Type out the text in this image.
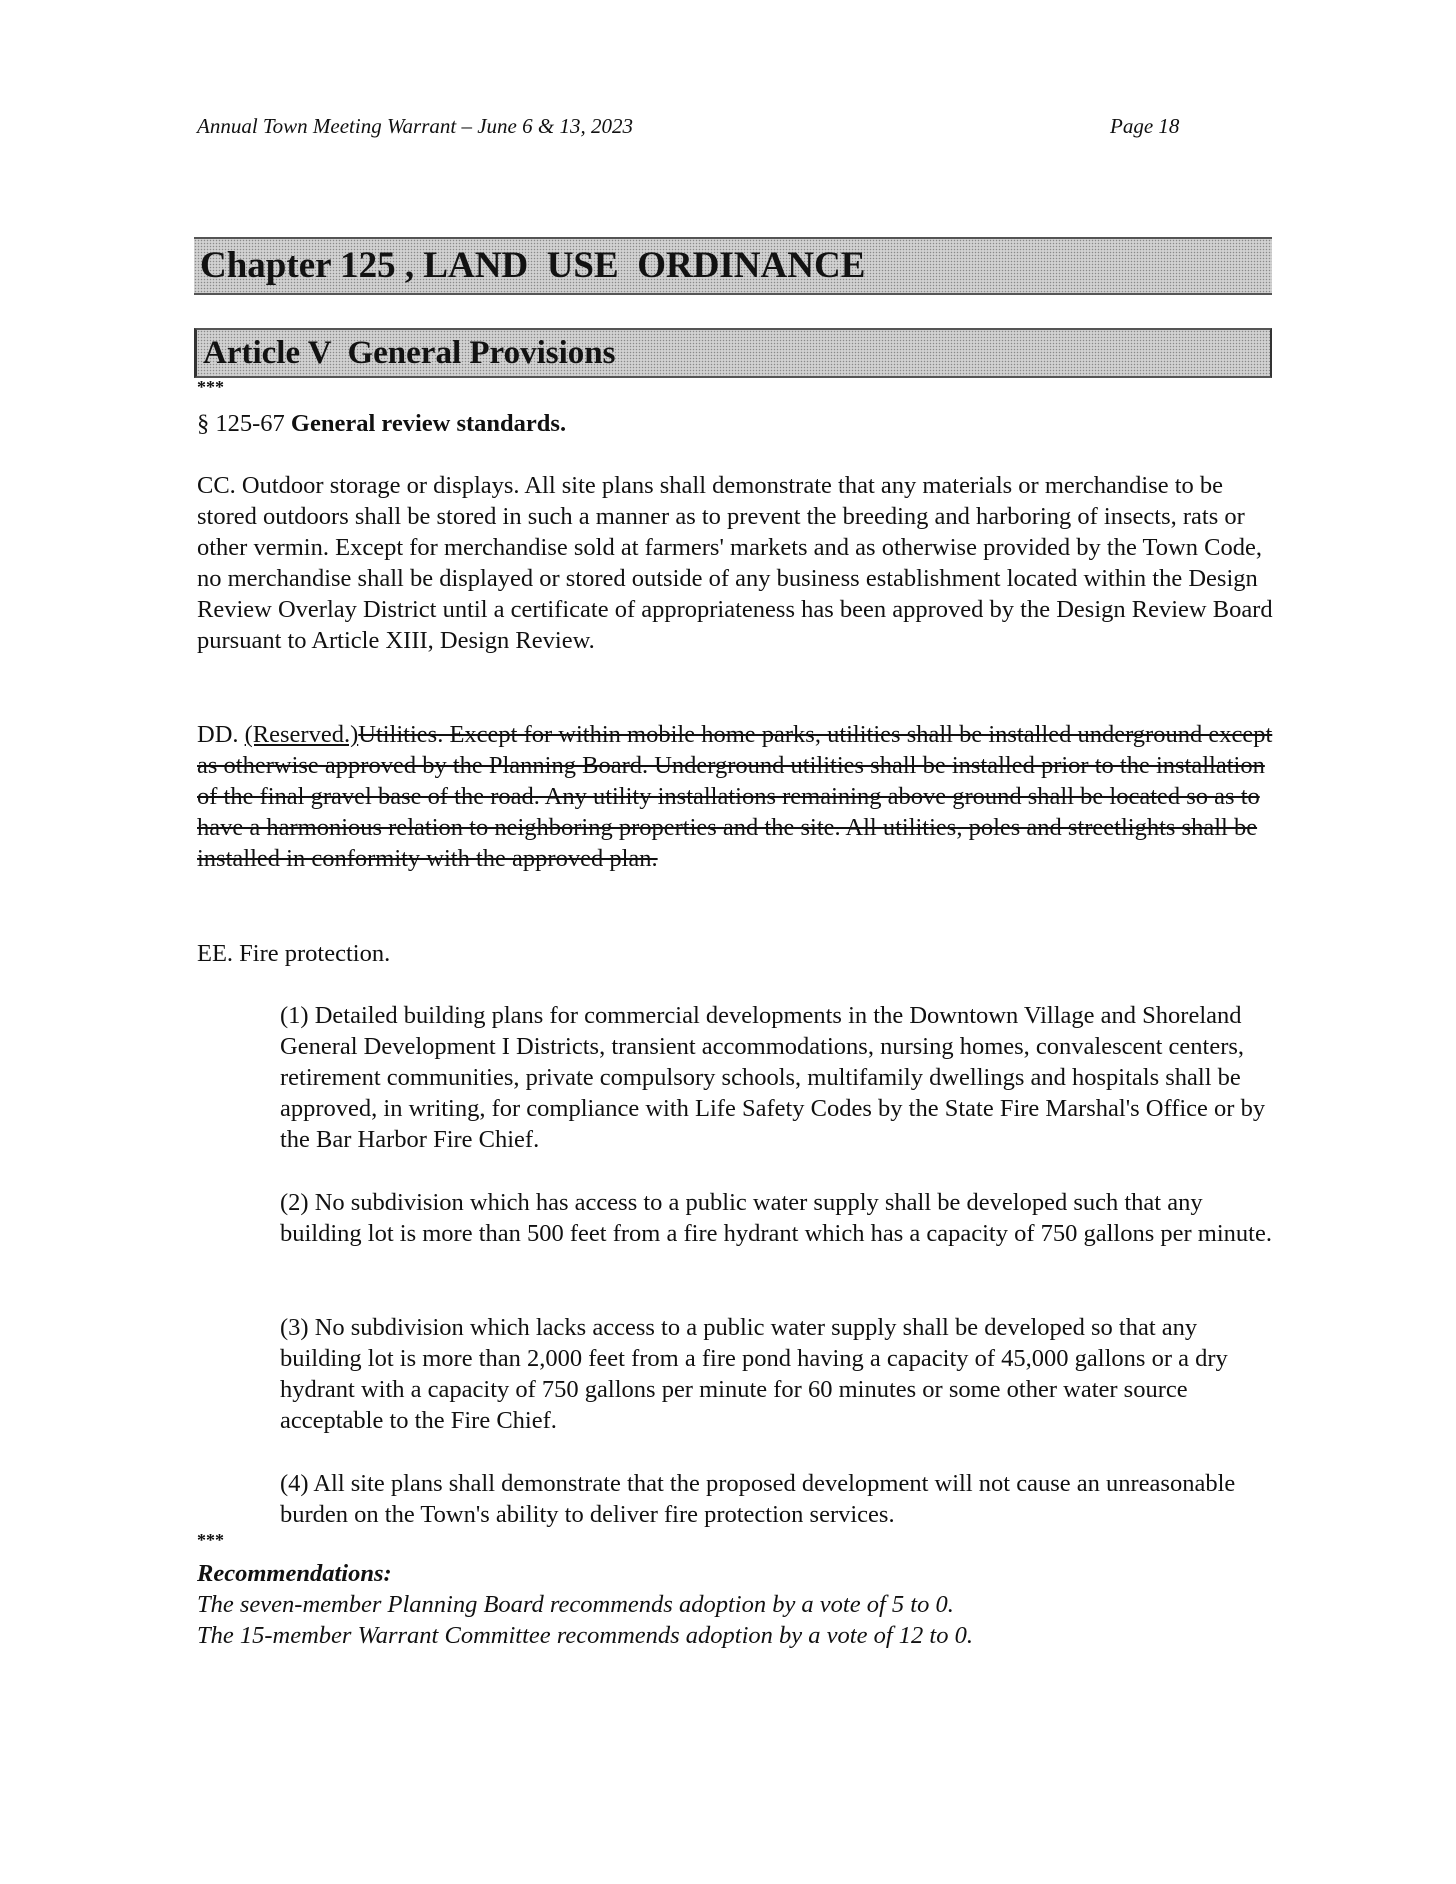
Annual Town Meeting Warrant – June 6 & 13, 2023	Page 18
Chapter 125 , LAND  USE  ORDINANCE
Article V  General Provisions
***
§ 125-67 General review standards.

CC. Outdoor storage or displays. All site plans shall demonstrate that any materials or merchandise to be stored outdoors shall be stored in such a manner as to prevent the breeding and harboring of insects, rats or other vermin. Except for merchandise sold at farmers' markets and as otherwise provided by the Town Code, no merchandise shall be displayed or stored outside of any business establishment located within the Design Review Overlay District until a certificate of appropriateness has been approved by the Design Review Board pursuant to Article XIII, Design Review.

DD. (Reserved.)Utilities. Except for within mobile home parks, utilities shall be installed underground except as otherwise approved by the Planning Board. Underground utilities shall be installed prior to the installation of the final gravel base of the road. Any utility installations remaining above ground shall be located so as to have a harmonious relation to neighboring properties and the site. All utilities, poles and streetlights shall be installed in conformity with the approved plan.

EE. Fire protection.

(1) Detailed building plans for commercial developments in the Downtown Village and Shoreland General Development I Districts, transient accommodations, nursing homes, convalescent centers, retirement communities, private compulsory schools, multifamily dwellings and hospitals shall be approved, in writing, for compliance with Life Safety Codes by the State Fire Marshal's Office or by the Bar Harbor Fire Chief.

(2) No subdivision which has access to a public water supply shall be developed such that any building lot is more than 500 feet from a fire hydrant which has a capacity of 750 gallons per minute.

(3) No subdivision which lacks access to a public water supply shall be developed so that any building lot is more than 2,000 feet from a fire pond having a capacity of 45,000 gallons or a dry hydrant with a capacity of 750 gallons per minute for 60 minutes or some other water source acceptable to the Fire Chief.

(4) All site plans shall demonstrate that the proposed development will not cause an unreasonable burden on the Town's ability to deliver fire protection services.

***
Recommendations:
The seven-member Planning Board recommends adoption by a vote of 5 to 0.
The 15-member Warrant Committee recommends adoption by a vote of 12 to 0.
